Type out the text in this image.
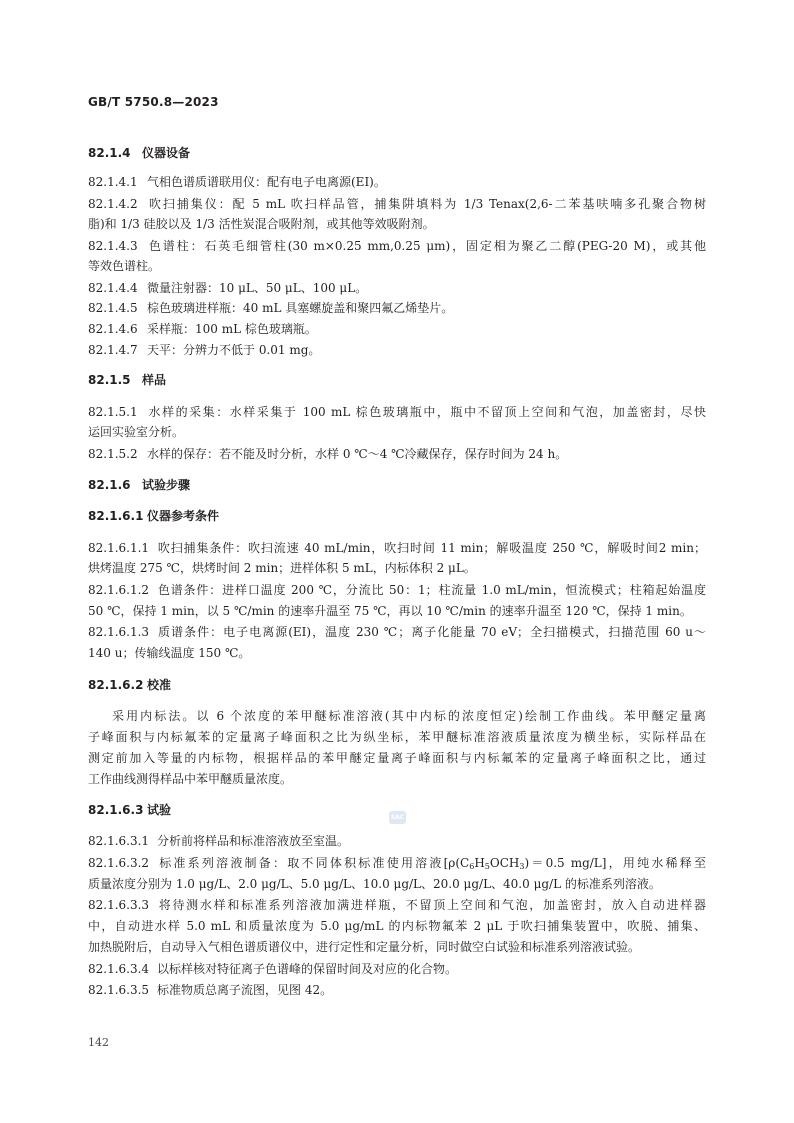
GB/T 5750.8—2023
82.1.4 仪器设备
82.1.4.1 气相色谱质谱联用仪：配有电子电离源(EI)。
82.1.4.2 吹扫捕集仪：配 5 mL 吹扫样品管，捕集阱填料为 1/3 Tenax(2,6-二苯基呋喃多孔聚合物树
脂)和 1/3 硅胶以及 1/3 活性炭混合吸附剂，或其他等效吸附剂。
82.1.4.3 色谱柱：石英毛细管柱(30 m×0.25 mm,0.25 μm)，固定相为聚乙二醇(PEG-20 M)，或其他
等效色谱柱。
82.1.4.4 微量注射器：10 μL、50 μL、100 μL。
82.1.4.5 棕色玻璃进样瓶：40 mL 具塞螺旋盖和聚四氟乙烯垫片。
82.1.4.6 采样瓶：100 mL 棕色玻璃瓶。
82.1.4.7 天平：分辨力不低于 0.01 mg。
82.1.5 样品
82.1.5.1 水样的采集：水样采集于 100 mL 棕色玻璃瓶中，瓶中不留顶上空间和气泡，加盖密封，尽快
运回实验室分析。
82.1.5.2 水样的保存：若不能及时分析，水样 0 ℃～4 ℃冷藏保存，保存时间为 24 h。
82.1.6 试验步骤
82.1.6.1 仪器参考条件
82.1.6.1.1 吹扫捕集条件：吹扫流速 40 mL/min，吹扫时间 11 min；解吸温度 250 ℃，解吸时间2 min；
烘烤温度 275 ℃，烘烤时间 2 min；进样体积 5 mL，内标体积 2 μL。
82.1.6.1.2 色谱条件：进样口温度 200 ℃，分流比 50：1；柱流量 1.0 mL/min，恒流模式；柱箱起始温度
50 ℃，保持 1 min，以 5 ℃/min 的速率升温至 75 ℃，再以 10 ℃/min 的速率升温至 120 ℃，保持 1 min。
82.1.6.1.3 质谱条件：电子电离源(EI)，温度 230 ℃；离子化能量 70 eV；全扫描模式，扫描范围 60 u～
140 u；传输线温度 150 ℃。
82.1.6.2 校准
采用内标法。以 6 个浓度的苯甲醚标准溶液(其中内标的浓度恒定)绘制工作曲线。苯甲醚定量离
子峰面积与内标氟苯的定量离子峰面积之比为纵坐标，苯甲醚标准溶液质量浓度为横坐标，实际样品在
测定前加入等量的内标物，根据样品的苯甲醚定量离子峰面积与内标氟苯的定量离子峰面积之比，通过
工作曲线测得样品中苯甲醚质量浓度。
82.1.6.3 试验
82.1.6.3.1 分析前将样品和标准溶液放至室温。
82.1.6.3.2 标准系列溶液制备：取不同体积标准使用溶液[$\rho(C_6H_5OCH_3)=0.5$ mg/L]，用纯水稀释至
质量浓度分别为 1.0 μg/L、2.0 μg/L、5.0 μg/L、10.0 μg/L、20.0 μg/L、40.0 μg/L 的标准系列溶液。
82.1.6.3.3 将待测水样和标准系列溶液加满进样瓶，不留顶上空间和气泡，加盖密封，放入自动进样器
中，自动进水样 5.0 mL 和质量浓度为 5.0 μg/mL 的内标物氟苯 2 μL 于吹扫捕集装置中，吹脱、捕集、
加热脱附后，自动导入气相色谱质谱仪中，进行定性和定量分析，同时做空白试验和标准系列溶液试验。
82.1.6.3.4 以标样核对特征离子色谱峰的保留时间及对应的化合物。
82.1.6.3.5 标准物质总离子流图，见图 42。
SAC
142
